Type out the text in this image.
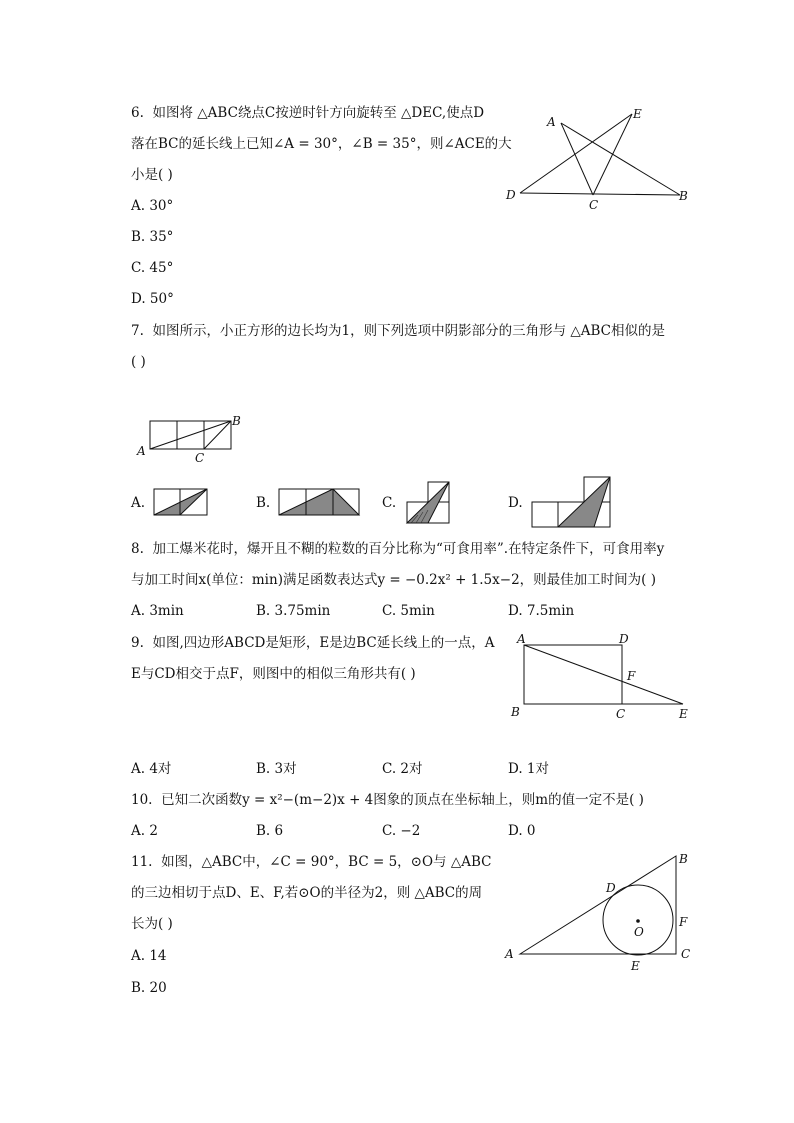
6. 如图将 △ABC绕点C按逆时针方向旋转至 △DEC,使点D
落在BC的延长线上已知∠A = 30°，∠B = 35°，则∠ACE的大
小是( )
A. 30°
B. 35°
C. 45°
D. 50°
A
E
D
C
B
7. 如图所示，小正方形的边长均为1，则下列选项中阴影部分的三角形与 △ABC相似的是
( )
A
B
C
A.	B.	C.	D.
8. 加工爆米花时，爆开且不糊的粒数的百分比称为“可食用率”.在特定条件下，可食用率y
与加工时间x(单位：min)满足函数表达式y = −0.2x² + 1.5x−2，则最佳加工时间为( )
A. 3min	B. 3.75min	C. 5min	D. 7.5min
9. 如图,四边形ABCD是矩形，E是边BC延长线上的一点，A
E与CD相交于点F，则图中的相似三角形共有( )
A	D
F
B	C	E
A. 4对	B. 3对	C. 2对	D. 1对
10. 已知二次函数y = x²−(m−2)x + 4图象的顶点在坐标轴上，则m的值一定不是( )
A. 2	B. 6	C. −2	D. 0
11. 如图，△ABC中，∠C = 90°，BC = 5，⊙O与 △ABC
的三边相切于点D、E、F,若⊙O的半径为2，则 △ABC的周
长为( )
A. 14
B. 20
B
D
F
O
A
E
C
